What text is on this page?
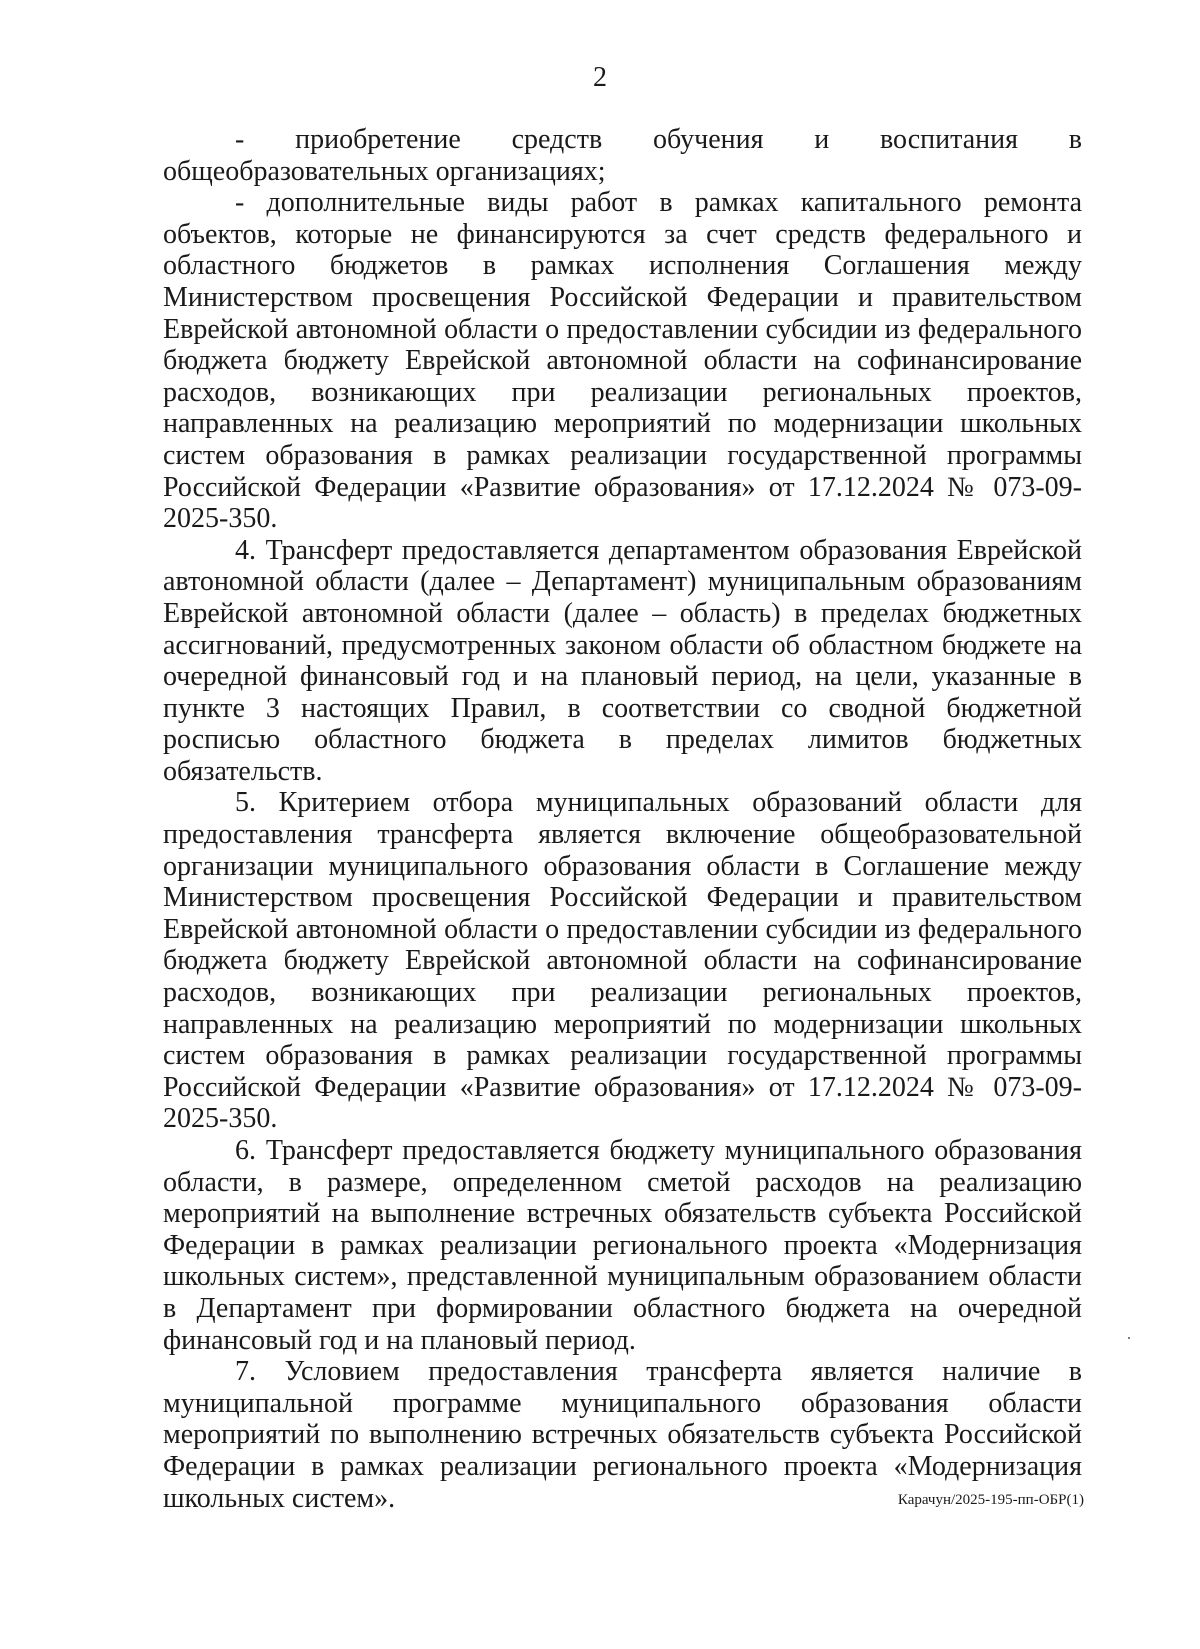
2

- приобретение средств обучения и воспитания в общеобразовательных организациях;

- дополнительные виды работ в рамках капитального ремонта объектов, которые не финансируются за счет средств федерального и областного бюджетов в рамках исполнения Соглашения между Министерством просвещения Российской Федерации и правительством Еврейской автономной области о предоставлении субсидии из федерального бюджета бюджету Еврейской автономной области на софинансирование расходов, возникающих при реализации региональных проектов, направленных на реализацию мероприятий по модернизации школьных систем образования в рамках реализации государственной программы Российской Федерации «Развитие образования» от 17.12.2024 № 073-09-2025-350.

4. Трансферт предоставляется департаментом образования Еврейской автономной области (далее – Департамент) муниципальным образованиям Еврейской автономной области (далее – область) в пределах бюджетных ассигнований, предусмотренных законом области об областном бюджете на очередной финансовый год и на плановый период, на цели, указанные в пункте 3 настоящих Правил, в соответствии со сводной бюджетной росписью областного бюджета в пределах лимитов бюджетных обязательств.

5. Критерием отбора муниципальных образований области для предоставления трансферта является включение общеобразовательной организации муниципального образования области в Соглашение между Министерством просвещения Российской Федерации и правительством Еврейской автономной области о предоставлении субсидии из федерального бюджета бюджету Еврейской автономной области на софинансирование расходов, возникающих при реализации региональных проектов, направленных на реализацию мероприятий по модернизации школьных систем образования в рамках реализации государственной программы Российской Федерации «Развитие образования» от 17.12.2024 № 073-09-2025-350.

6. Трансферт предоставляется бюджету муниципального образования области, в размере, определенном сметой расходов на реализацию мероприятий на выполнение встречных обязательств субъекта Российской Федерации в рамках реализации регионального проекта «Модернизация школьных систем», представленной муниципальным образованием области в Департамент при формировании областного бюджета на очередной финансовый год и на плановый период.

7. Условием предоставления трансферта является наличие в муниципальной программе муниципального образования области мероприятий по выполнению встречных обязательств субъекта Российской Федерации в рамках реализации регионального проекта «Модернизация школьных систем».	Карачун/2025-195-пп-ОБР(1)
